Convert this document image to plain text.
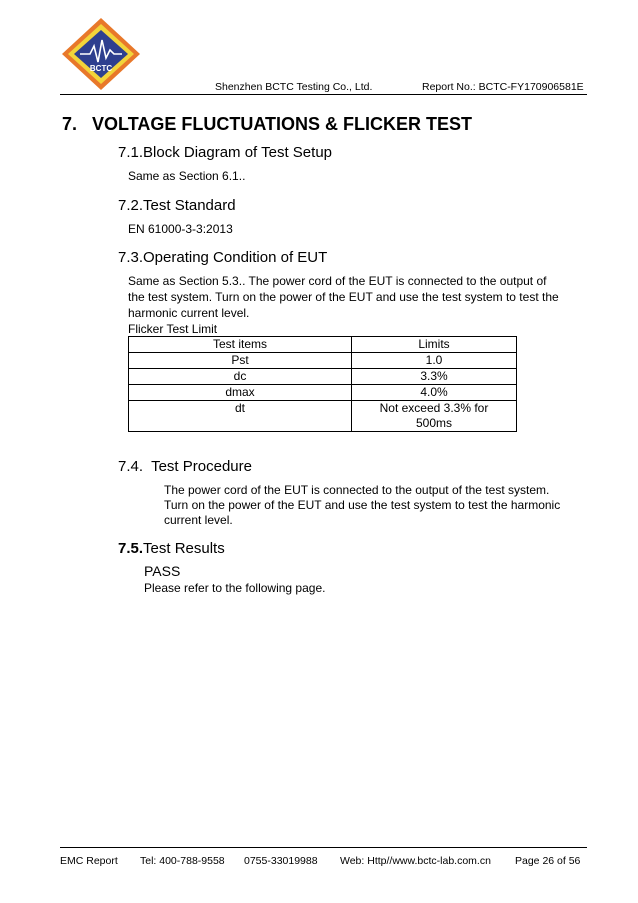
BCTC
Shenzhen BCTC Testing Co., Ltd.	Report No.: BCTC-FY170906581E
7. VOLTAGE FLUCTUATIONS & FLICKER TEST
7.1.Block Diagram of Test Setup
Same as Section 6.1..
7.2.Test Standard
EN 61000-3-3:2013
7.3.Operating Condition of EUT
Same as Section 5.3.. The power cord of the EUT is connected to the output of
the test system. Turn on the power of the EUT and use the test system to test the
harmonic current level.
Flicker Test Limit
Test items	Limits
Pst	1.0
dc	3.3%
dmax	4.0%
dt	Not exceed 3.3% for
500ms
7.4.  Test Procedure
The power cord of the EUT is connected to the output of the test system.
Turn on the power of the EUT and use the test system to test the harmonic
current level.
7.5.Test Results
PASS
Please refer to the following page.
EMC Report Tel: 400-788-9558 0755-33019988 Web: Http//www.bctc-lab.com.cn Page 26 of 56
